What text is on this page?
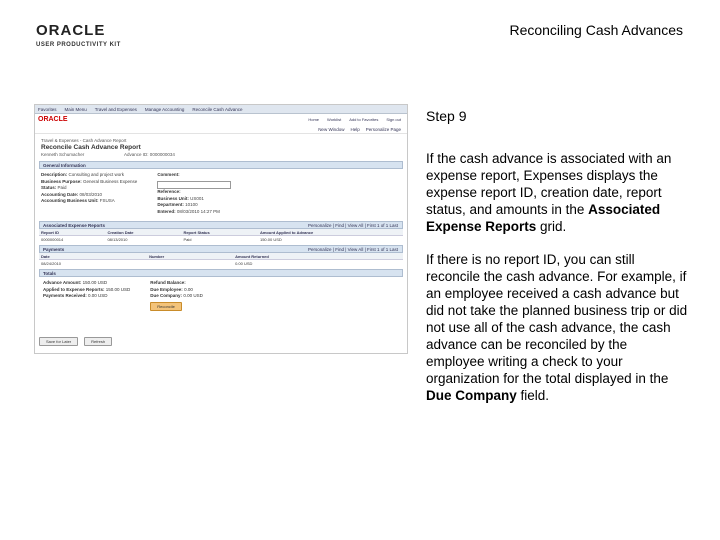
ORACLE
USER PRODUCTIVITY KIT
Reconciling Cash Advances
Favorites Main Menu Travel and Expenses Manage Accounting Reconcile Cash Advance
ORACLE	Home Worklist Add to Favorites Sign out
New Window Help Personalize Page
Travel & Expenses - Cash Advance Report
Reconcile Cash Advance Report
Kenneth Schumacher	Advance ID: 0000000034
General Information
Description: Consulting and project work
Business Purpose: General Business Expense
Status: Paid
Accounting Date: 08/03/2010
Accounting Business Unit: FSUSA
Comment:
Reference:
Business Unit: US001
Department: 10100
Entered: 08/03/2010 14:27 PM
Associated Expense Reports	Personalize | Find | View All | First 1 of 1 Last
Report ID	Creation Date	Report Status	Amount Applied to Advance
0000000014	08/13/2010	Paid	150.00 USD
Payments	Personalize | Find | View All | First 1 of 1 Last
Date	Number	Amount Returned
08/24/2010		0.00 USD
Totals
Advance Amount: 150.00 USD
Applied to Expense Reports: 150.00 USD
Payments Received: 0.00 USD
Refund Balance:
Due Employee: 0.00
Due Company: 0.00 USD
Reconcile
Save for Later	Refresh
Step 9
If the cash advance is associated with an expense report, Expenses displays the expense report ID, creation date, report status, and amounts in the Associated Expense Reports grid.
If there is no report ID, you can still reconcile the cash advance. For example, if an employee received a cash advance but did not take the planned business trip or did not use all of the cash advance, the cash advance can be reconciled by the employee writing a check to your organization for the total displayed in the Due Company field.
